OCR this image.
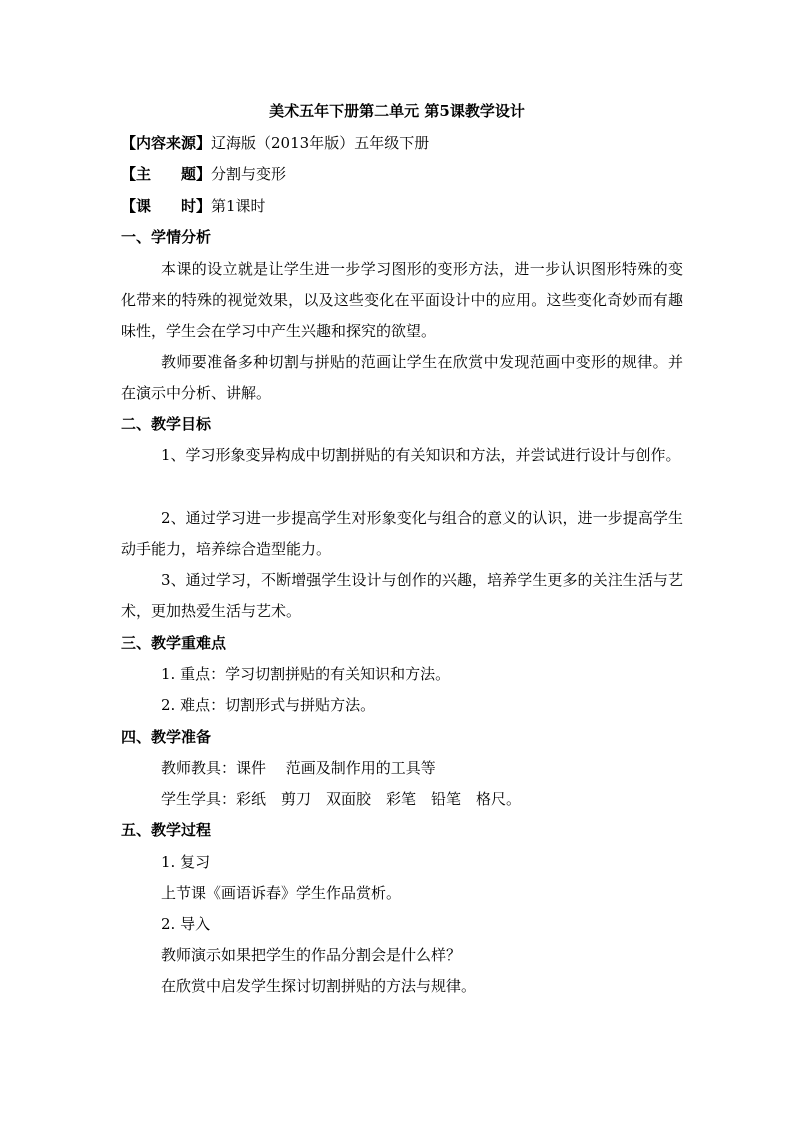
美术五年下册第二单元 第5课教学设计
【内容来源】辽海版（2013年版）五年级下册
【主　　题】分割与变形
【课　　时】第1课时
一、学情分析
本课的设立就是让学生进一步学习图形的变形方法，进一步认识图形特殊的变化带来的特殊的视觉效果，以及这些变化在平面设计中的应用。这些变化奇妙而有趣味性，学生会在学习中产生兴趣和探究的欲望。
教师要准备多种切割与拼贴的范画让学生在欣赏中发现范画中变形的规律。并在演示中分析、讲解。
二、教学目标
1、学习形象变异构成中切割拼贴的有关知识和方法，并尝试进行设计与创作。
2、通过学习进一步提高学生对形象变化与组合的意义的认识，进一步提高学生动手能力，培养综合造型能力。
3、通过学习，不断增强学生设计与创作的兴趣，培养学生更多的关注生活与艺术，更加热爱生活与艺术。
三、教学重难点
1. 重点：学习切割拼贴的有关知识和方法。
2. 难点：切割形式与拼贴方法。
四、教学准备
教师教具：课件　 范画及制作用的工具等
学生学具：彩纸　剪刀　双面胶　彩笔　铅笔　格尺。
五、教学过程
1. 复习
上节课《画语诉春》学生作品赏析。
2. 导入
教师演示如果把学生的作品分割会是什么样？
在欣赏中启发学生探讨切割拼贴的方法与规律。
